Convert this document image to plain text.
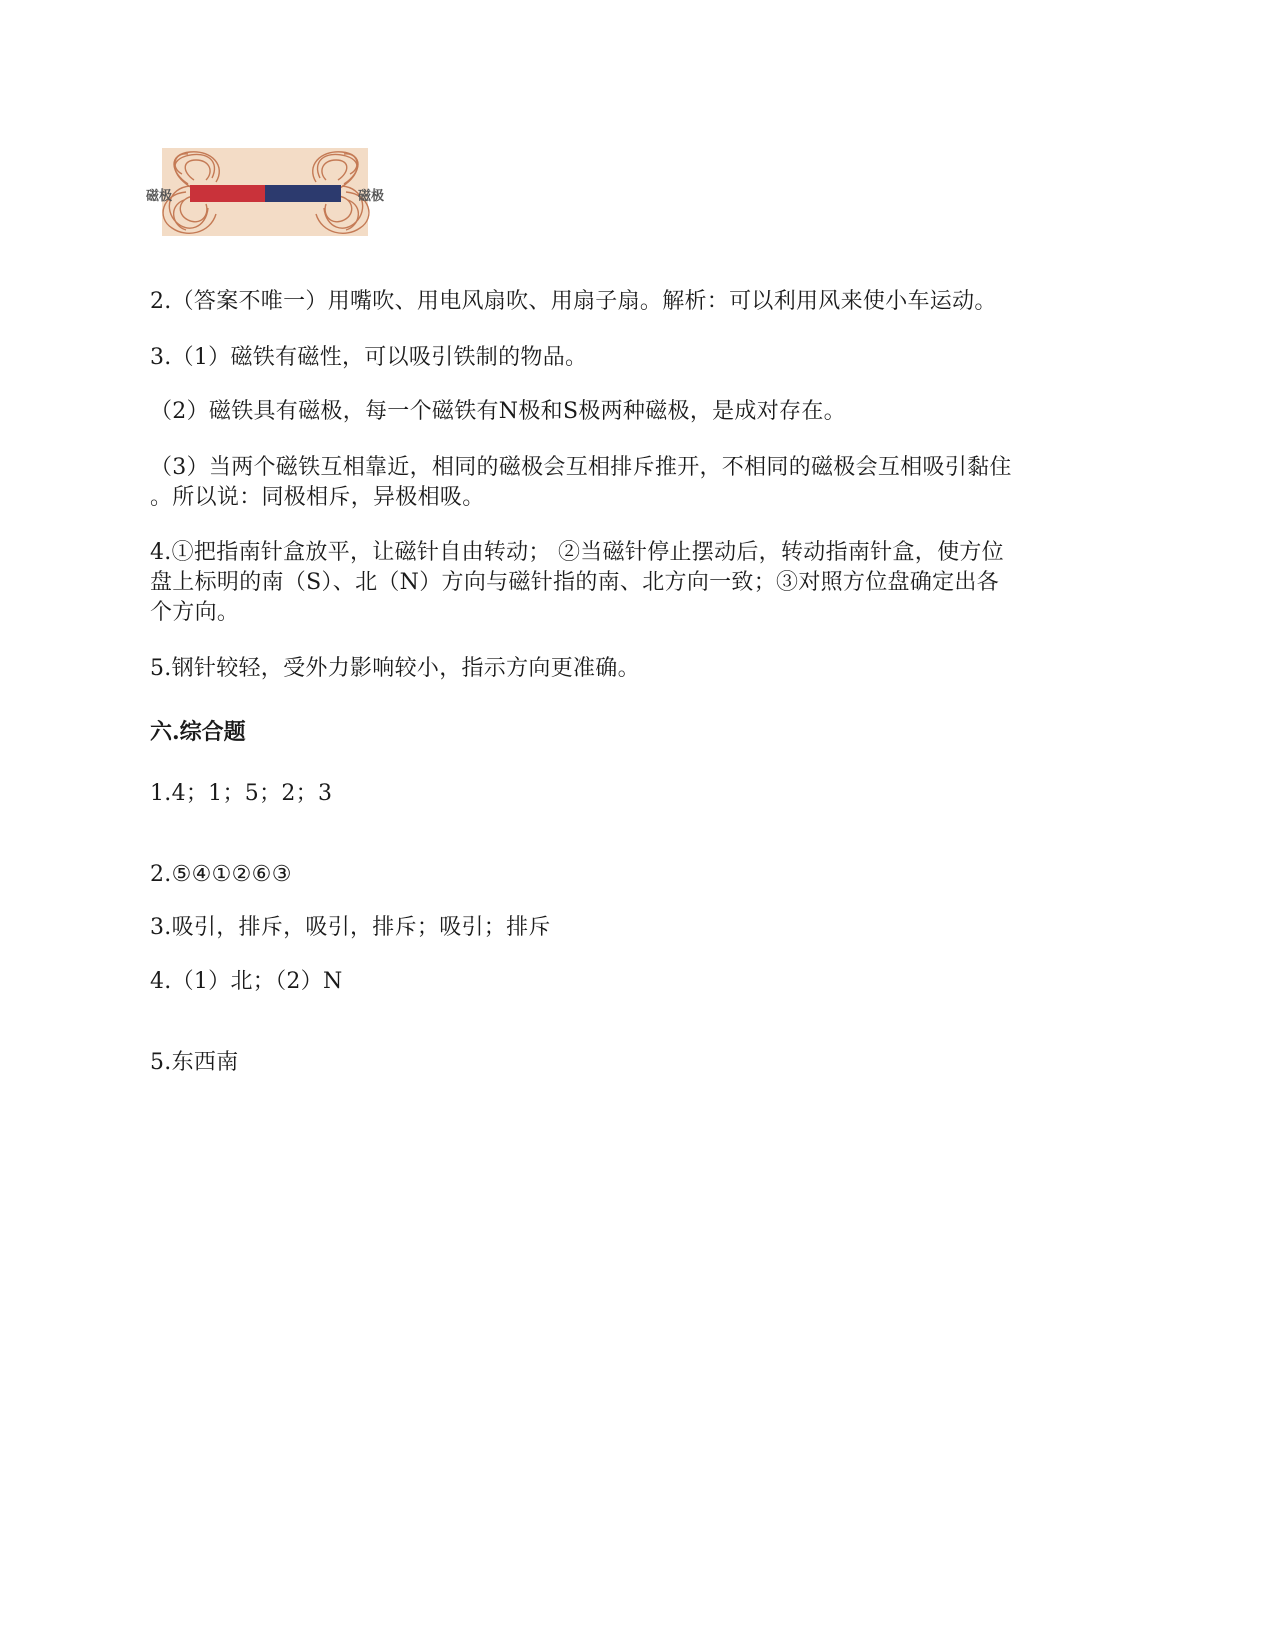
磁极	磁极
2.（答案不唯一）用嘴吹、用电风扇吹、用扇子扇。解析：可以利用风来使小车运动。
3.（1）磁铁有磁性，可以吸引铁制的物品。
（2）磁铁具有磁极，每一个磁铁有N极和S极两种磁极，是成对存在。
（3）当两个磁铁互相靠近，相同的磁极会互相排斥推开，不相同的磁极会互相吸引黏住
。所以说：同极相斥，异极相吸。
4.①把指南针盒放平，让磁针自由转动； ②当磁针停止摆动后，转动指南针盒，使方位
盘上标明的南（S）、北（N）方向与磁针指的南、北方向一致；③对照方位盘确定出各
个方向。
5.钢针较轻，受外力影响较小，指示方向更准确。
六.综合题
1.4；1；5；2；3
2.⑤④①②⑥③
3.吸引，排斥，吸引，排斥；吸引；排斥
4.（1）北；（2）N
5.东西南
